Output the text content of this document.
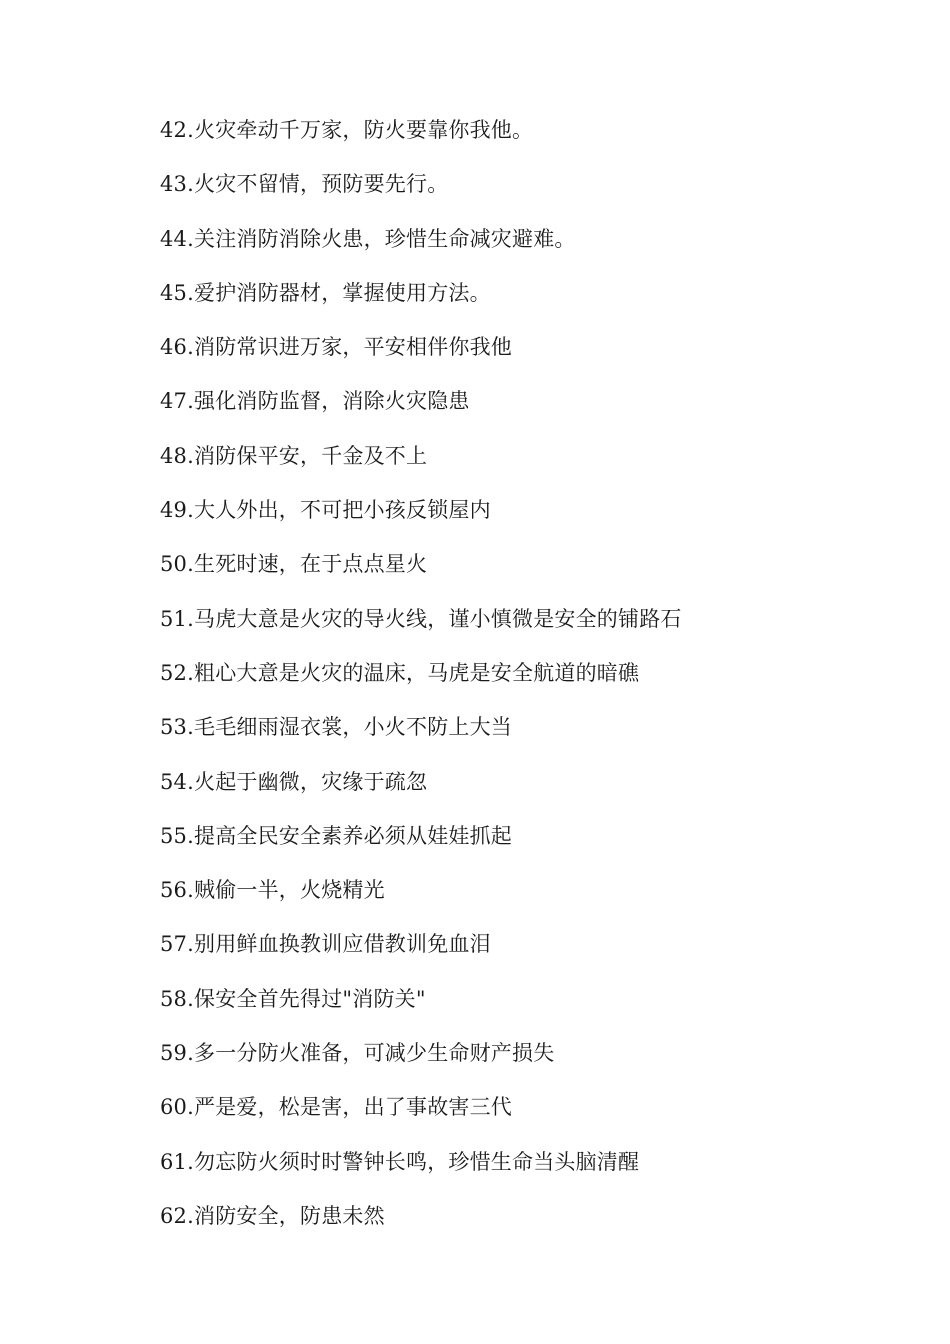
42.火灾牵动千万家，防火要靠你我他。
43.火灾不留情，预防要先行。
44.关注消防消除火患，珍惜生命减灾避难。
45.爱护消防器材，掌握使用方法。
46.消防常识进万家，平安相伴你我他
47.强化消防监督，消除火灾隐患
48.消防保平安，千金及不上
49.大人外出，不可把小孩反锁屋内
50.生死时速，在于点点星火
51.马虎大意是火灾的导火线，谨小慎微是安全的铺路石
52.粗心大意是火灾的温床，马虎是安全航道的暗礁
53.毛毛细雨湿衣裳，小火不防上大当
54.火起于幽微，灾缘于疏忽
55.提高全民安全素养必须从娃娃抓起
56.贼偷一半，火烧精光
57.别用鲜血换教训应借教训免血泪
58.保安全首先得过"消防关"
59.多一分防火准备，可减少生命财产损失
60.严是爱，松是害，出了事故害三代
61.勿忘防火须时时警钟长鸣，珍惜生命当头脑清醒
62.消防安全，防患未然
